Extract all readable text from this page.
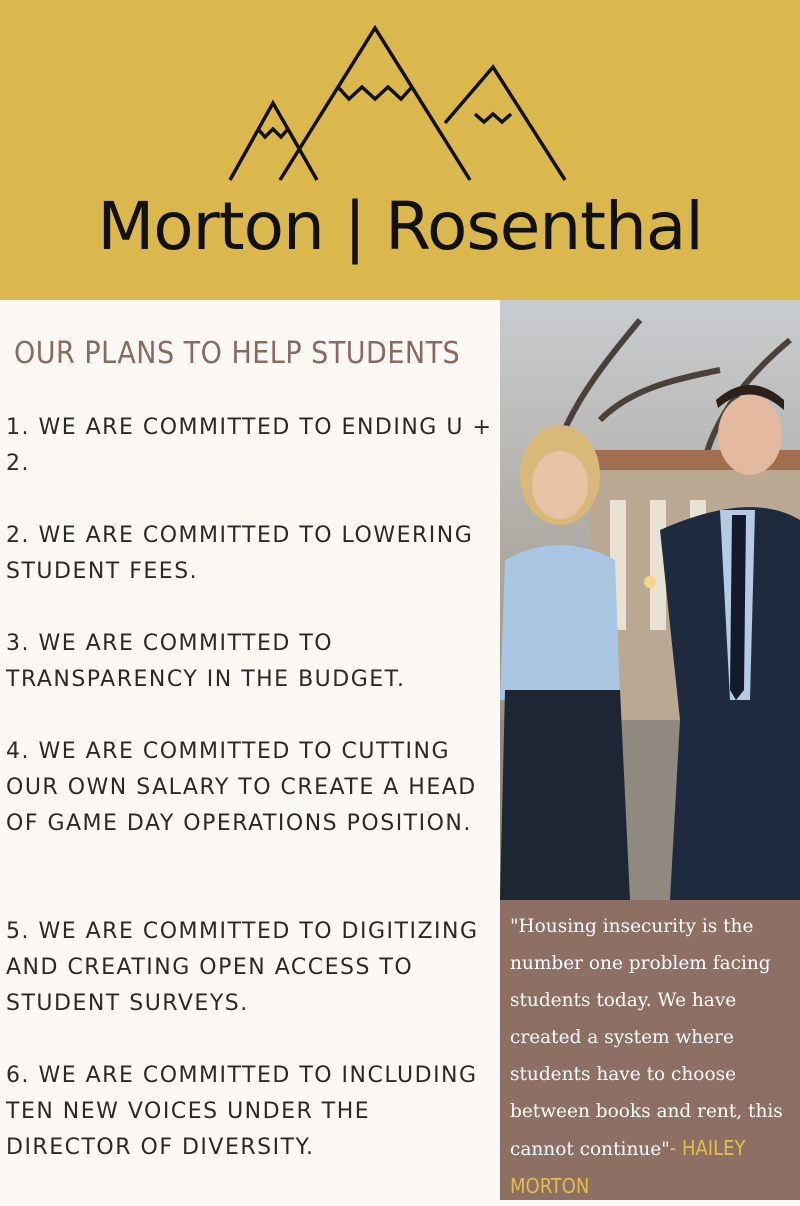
Morton | Rosenthal
OUR PLANS TO HELP STUDENTS

1. WE ARE COMMITTED TO ENDING U + 2.

2. WE ARE COMMITTED TO LOWERING STUDENT FEES.

3. WE ARE COMMITTED TO TRANSPARENCY IN THE BUDGET.

4. WE ARE COMMITTED TO CUTTING OUR OWN SALARY TO CREATE A HEAD OF GAME DAY OPERATIONS POSITION.

5. WE ARE COMMITTED TO DIGITIZING AND CREATING OPEN ACCESS TO STUDENT SURVEYS.

6. WE ARE COMMITTED TO INCLUDING TEN NEW VOICES UNDER THE DIRECTOR OF DIVERSITY.

"Housing insecurity is the number one problem facing students today. We have created a system where students have to choose between books and rent, this cannot continue"- HAILEY MORTON
